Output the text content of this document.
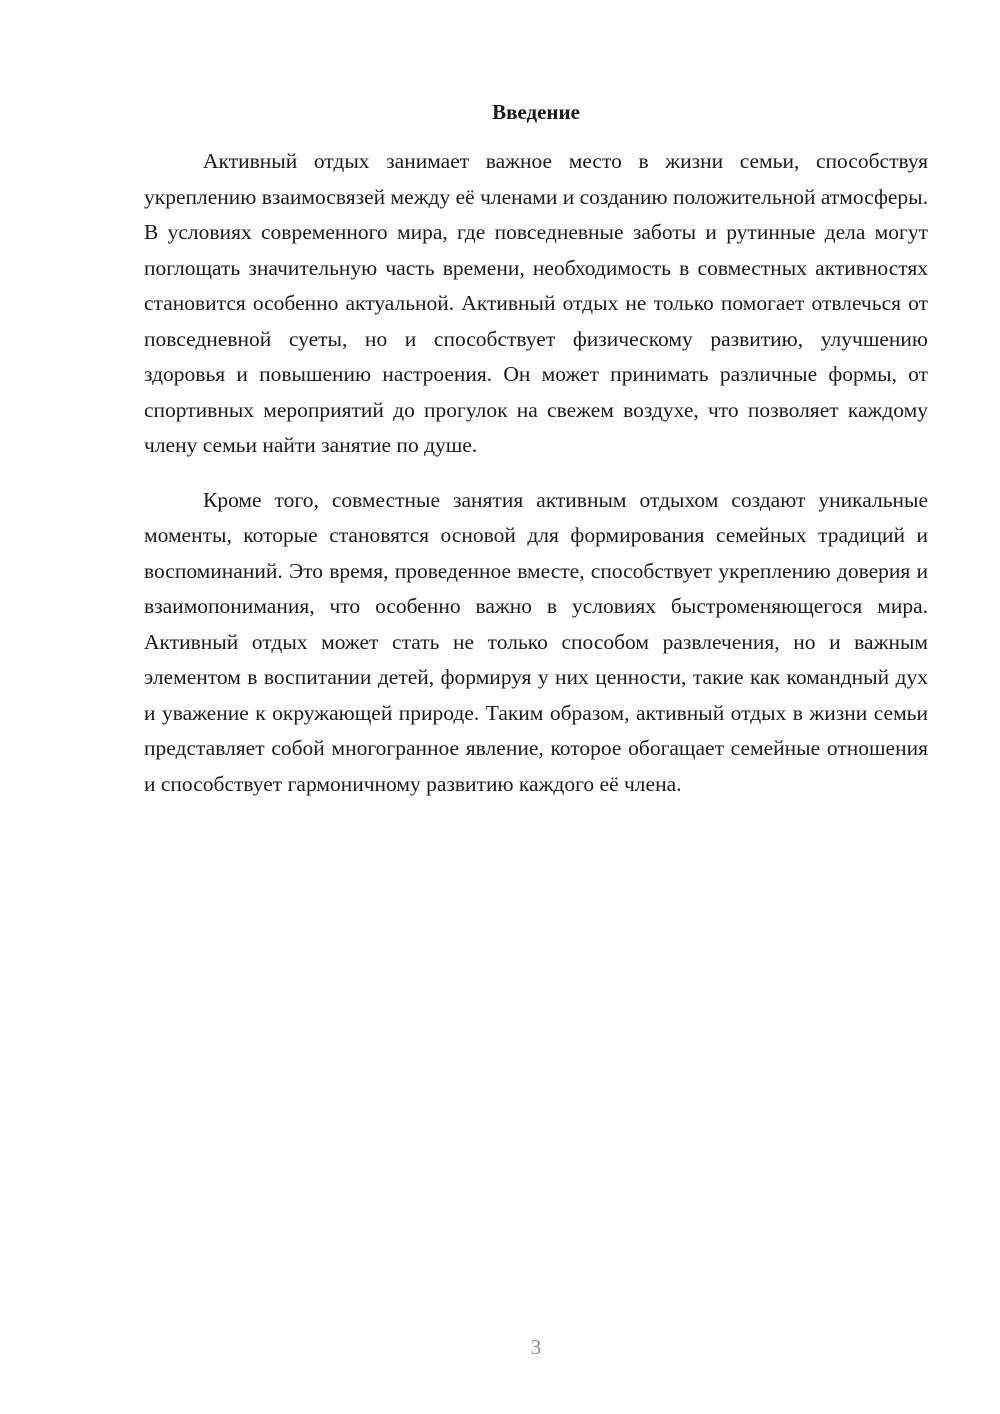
Введение

Активный отдых занимает важное место в жизни семьи, способствуя укреплению взаимосвязей между её членами и созданию положительной атмосферы. В условиях современного мира, где повседневные заботы и рутинные дела могут поглощать значительную часть времени, необходимость в совместных активностях становится особенно актуальной. Активный отдых не только помогает отвлечься от повседневной суеты, но и способствует физическому развитию, улучшению здоровья и повышению настроения. Он может принимать различные формы, от спортивных мероприятий до прогулок на свежем воздухе, что позволяет каждому члену семьи найти занятие по душе.

Кроме того, совместные занятия активным отдыхом создают уникальные моменты, которые становятся основой для формирования семейных традиций и воспоминаний. Это время, проведенное вместе, способствует укреплению доверия и взаимопонимания, что особенно важно в условиях быстроменяющегося мира. Активный отдых может стать не только способом развлечения, но и важным элементом в воспитании детей, формируя у них ценности, такие как командный дух и уважение к окружающей природе. Таким образом, активный отдых в жизни семьи представляет собой многогранное явление, которое обогащает семейные отношения и способствует гармоничному развитию каждого её члена.

3
